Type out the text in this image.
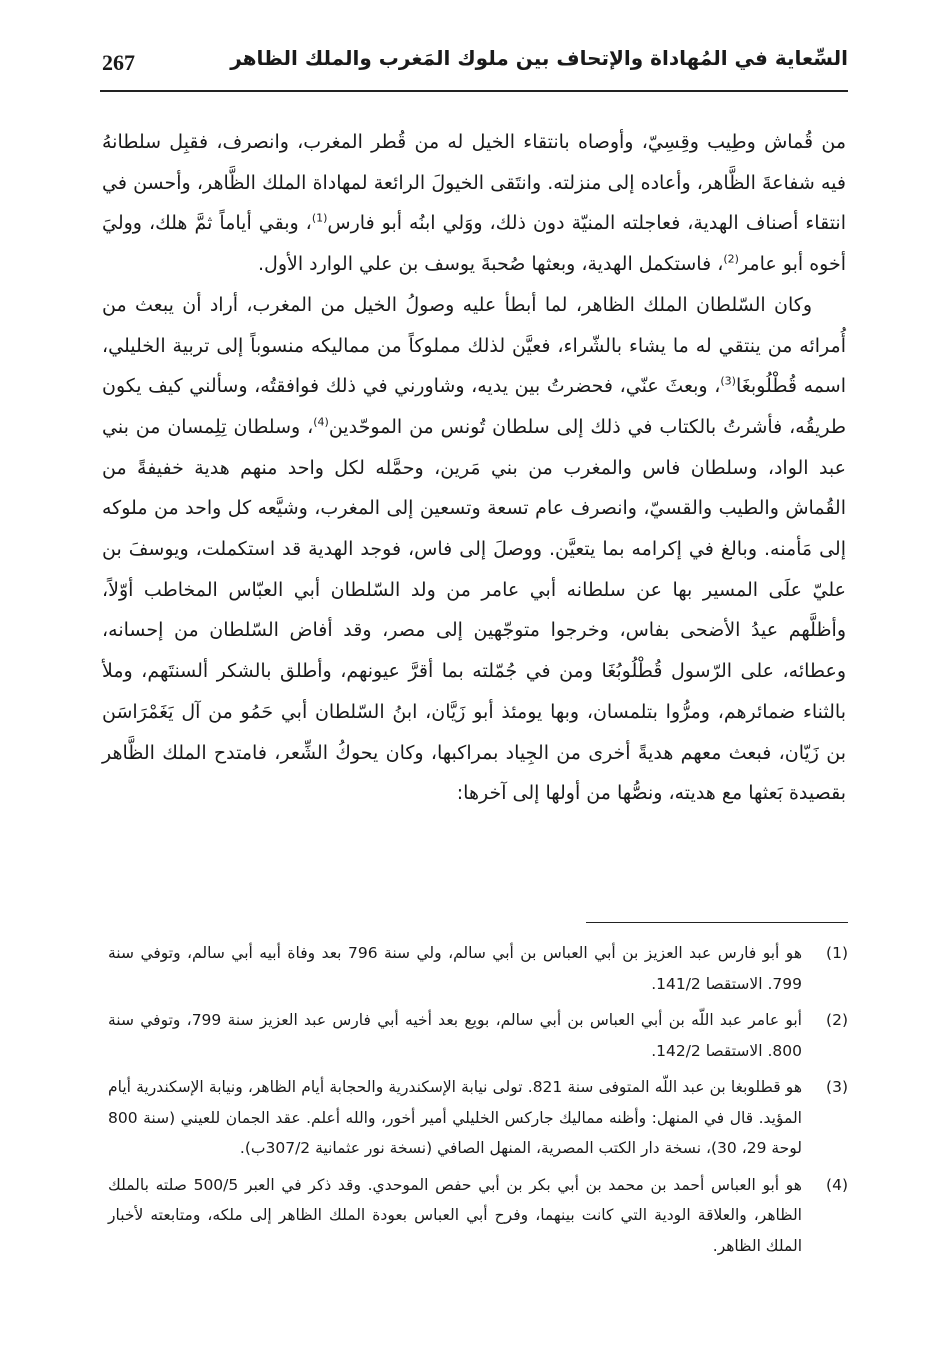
267	السِّعاية في المُهاداة والإتحاف بين ملوك المَغرب والملك الظاهر

من قُماش وطِيب وقِسِيّ، وأوصاه بانتقاء الخيل له من قُطر المغرب، وانصرف، فقبِل سلطانهُ فيه شفاعةَ الظَّاهر، وأعاده إلى منزلته. وانتَقى الخيولَ الرائعة لمهاداة الملك الظَّاهر، وأحسن في انتقاء أصناف الهدية، فعاجلته المنيّة دون ذلك، ووَلي ابنُه أبو فارس$^{(1)}$، وبقي أياماً ثمَّ هلك، ووليَ أخوه أبو عامر$^{(2)}$، فاستكمل الهدية، وبعثها صُحبةَ يوسف بن علي الوارد الأول.

وكان السّلطان الملك الظاهر، لما أبطأ عليه وصولُ الخيل من المغرب، أراد أن يبعث من أُمرائه من ينتقي له ما يشاء بالشّراء، فعيَّن لذلك مملوكاً من مماليكه منسوباً إلى تربية الخليلي، اسمه قُطْلُوبغَا$^{(3)}$، وبعثَ عنّي، فحضرتُ بين يديه، وشاورني في ذلك فوافقتُه، وسألني كيف يكون طريقُه، فأشرتُ بالكتاب في ذلك إلى سلطان تُونس من الموحّدين$^{(4)}$، وسلطان تِلِمسان من بني عبد الواد، وسلطان فاس والمغرب من بني مَرين، وحمَّله لكل واحد منهم هدية خفيفةً من القُماش والطيب والقسيّ، وانصرف عام تسعة وتسعين إلى المغرب، وشيَّعه كل واحد من ملوكه إلى مَأمنه. وبالغ في إكرامه بما يتعيَّن. ووصلَ إلى فاس، فوجد الهدية قد استكملت، ويوسفَ بن عليّ علَى المسير بها عن سلطانه أبي عامر من ولد السّلطان أبي العبّاس المخاطب أوّلاً، وأظلَّهم عيدُ الأضحى بفاس، وخرجوا متوجّهين إلى مصر، وقد أفاض السّلطان من إحسانه، وعطائه، على الرّسول قُطْلُوبُغَا ومن في جُمّلته بما أقرَّ عيونهم، وأطلق بالشكر ألسنتَهم، وملأ بالثناء ضمائرهم، ومرُّوا بتلمسان، وبها يومئذ أبو زَيَّان، ابنُ السّلطان أبي حَمُو من آل يَغَمْرَاسَن بن زَيّان، فبعث معهم هديةً أخرى من الجِياد بمراكبها، وكان يحوكُ الشِّعر، فامتدح الملك الظَّاهر بقصيدة بَعثها مع هديته، ونصُّها من أولها إلى آخرها:

(1)
هو أبو فارس عبد العزيز بن أبي العباس بن أبي سالم، ولي سنة 796 بعد وفاة أبيه أبي سالم، وتوفي سنة 799. الاستقصا 141/2.
(2)
أبو عامر عبد اللّه بن أبي العباس بن أبي سالم، بويع بعد أخيه أبي فارس عبد العزيز سنة 799، وتوفي سنة 800. الاستقصا 142/2.
(3)
هو قطلوبغا بن عبد اللّه المتوفى سنة 821. تولى نيابة الإسكندرية والحجابة أيام الظاهر، ونيابة الإسكندرية أيام المؤيد. قال في المنهل: وأظنه مماليك جاركس الخليلي أمير أخور، والله أعلم. عقد الجمان للعيني (سنة 800 لوحة 29، 30)، نسخة دار الكتب المصرية، المنهل الصافي (نسخة نور عثمانية 307/2ب).
(4)
هو أبو العباس أحمد بن محمد بن أبي بكر بن أبي حفص الموحدي. وقد ذكر في العبر 500/5 صلته بالملك الظاهر، والعلاقة الودية التي كانت بينهما، وفرح أبي العباس بعودة الملك الظاهر إلى ملكه، ومتابعته لأخبار الملك الظاهر.
